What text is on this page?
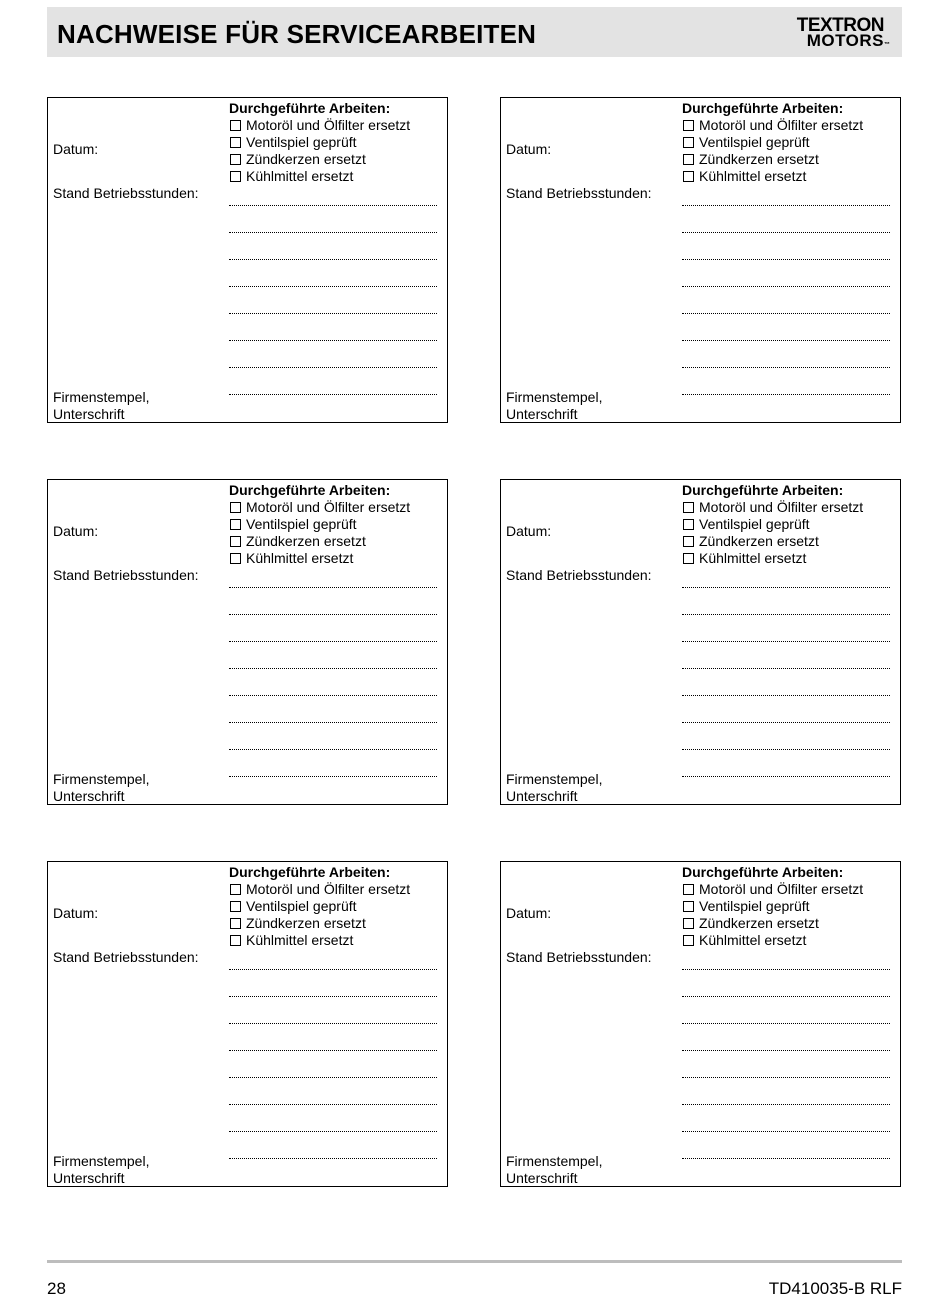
NACHWEISE FÜR SERVICEARBEITEN	TEXTRON
MOTORS ™
Datum:
Stand Betriebsstunden:
Firmenstempel, Unterschrift
Durchgeführte Arbeiten:
Motoröl und Ölfilter ersetzt
Ventilspiel geprüft
Zündkerzen ersetzt
Kühlmittel ersetzt
Datum:
Stand Betriebsstunden:
Firmenstempel, Unterschrift
Durchgeführte Arbeiten:
Motoröl und Ölfilter ersetzt
Ventilspiel geprüft
Zündkerzen ersetzt
Kühlmittel ersetzt
Datum:
Stand Betriebsstunden:
Firmenstempel, Unterschrift
Durchgeführte Arbeiten:
Motoröl und Ölfilter ersetzt
Ventilspiel geprüft
Zündkerzen ersetzt
Kühlmittel ersetzt
Datum:
Stand Betriebsstunden:
Firmenstempel, Unterschrift
Durchgeführte Arbeiten:
Motoröl und Ölfilter ersetzt
Ventilspiel geprüft
Zündkerzen ersetzt
Kühlmittel ersetzt
Datum:
Stand Betriebsstunden:
Firmenstempel, Unterschrift
Durchgeführte Arbeiten:
Motoröl und Ölfilter ersetzt
Ventilspiel geprüft
Zündkerzen ersetzt
Kühlmittel ersetzt
Datum:
Stand Betriebsstunden:
Firmenstempel, Unterschrift
Durchgeführte Arbeiten:
Motoröl und Ölfilter ersetzt
Ventilspiel geprüft
Zündkerzen ersetzt
Kühlmittel ersetzt
28	TD410035-B RLF
